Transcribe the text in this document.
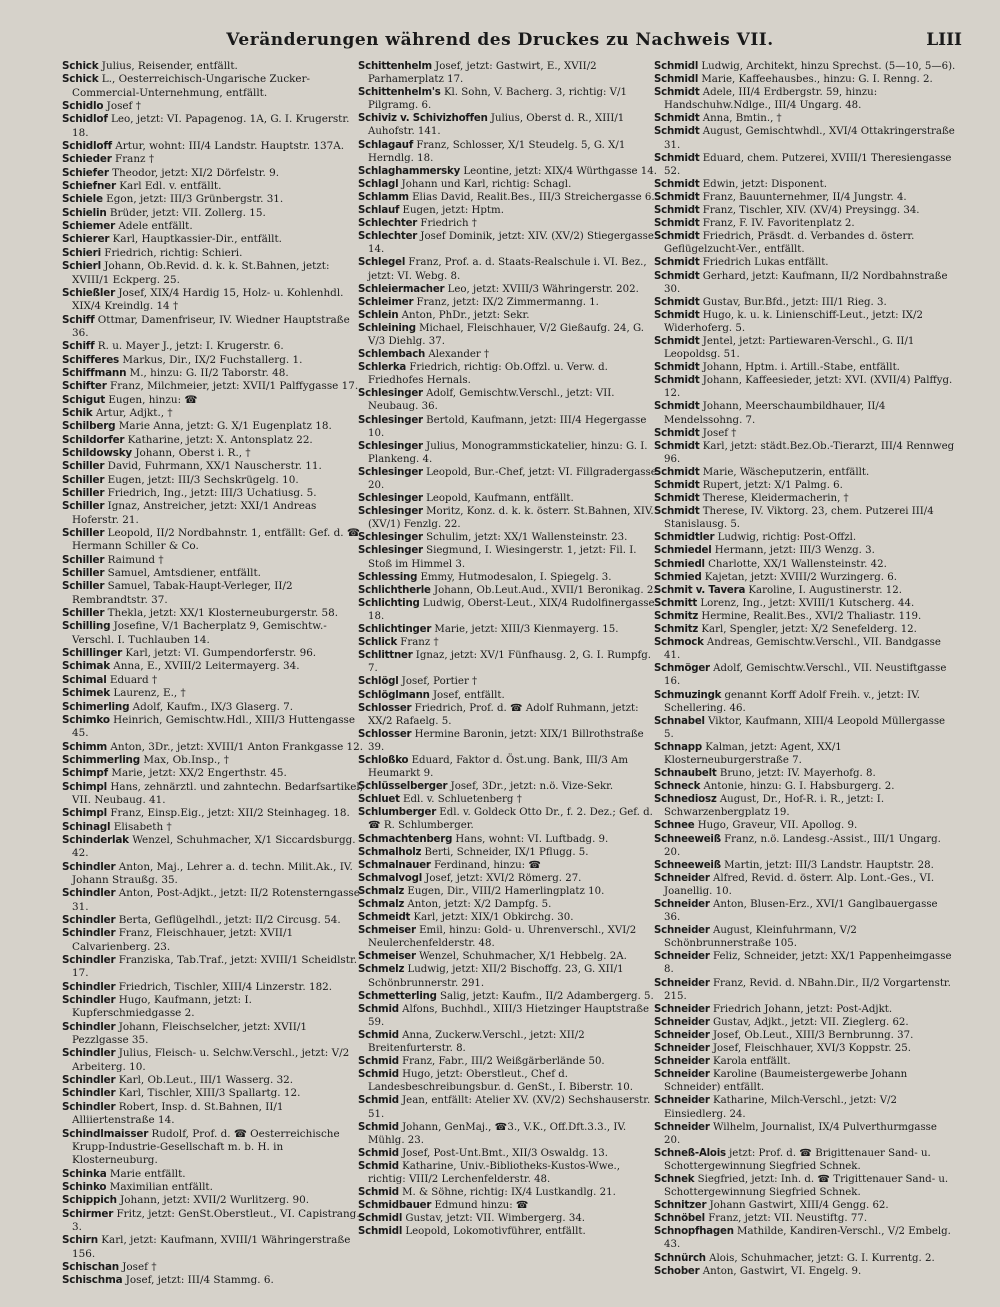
Veränderungen während des Druckes zu Nachweis VII.	LIII

Schick Julius, Reisender, entfällt.

Schick L., Oesterreichisch-Ungarische Zucker-Commercial-Unternehmung, entfällt.

Schidlo Josef †

Schidlof Leo, jetzt: VI. Papagenog. 1A, G. I. Krugerstr. 18.

Schidloff Artur, wohnt: III/4 Landstr. Hauptstr. 137A.

Schieder Franz †

Schiefer Theodor, jetzt: XI/2 Dörfelstr. 9.

Schiefner Karl Edl. v. entfällt.

Schiele Egon, jetzt: III/3 Grünbergstr. 31.

Schielin Brüder, jetzt: VII. Zollerg. 15.

Schiemer Adele entfällt.

Schierer Karl, Hauptkassier-Dir., entfällt.

Schieri Friedrich, richtig: Schieri.

Schierl Johann, Ob.Revid. d. k. k. St.Bahnen, jetzt: XVIII/1 Eckperg. 25.

Schießler Josef, XIX/4 Hardig 15, Holz- u. Kohlenhdl. XIX/4 Kreindlg. 14 †

Schiff Ottmar, Damenfriseur, IV. Wiedner Hauptstraße 36.

Schiff R. u. Mayer J., jetzt: I. Krugerstr. 6.

Schifferes Markus, Dir., IX/2 Fuchstallerg. 1.

Schiffmann M., hinzu: G. II/2 Taborstr. 48.

Schifter Franz, Milchmeier, jetzt: XVII/1 Palffygasse 17.

Schigut Eugen, hinzu: ☎

Schik Artur, Adjkt., †

Schilberg Marie Anna, jetzt: G. X/1 Eugenplatz 18.

Schildorfer Katharine, jetzt: X. Antonsplatz 22.

Schildowsky Johann, Oberst i. R., †

Schiller David, Fuhrmann, XX/1 Nauscherstr. 11.

Schiller Eugen, jetzt: III/3 Sechskrügelg. 10.

Schiller Friedrich, Ing., jetzt: III/3 Uchatiusg. 5.

Schiller Ignaz, Anstreicher, jetzt: XXI/1 Andreas Hoferstr. 21.

Schiller Leopold, II/2 Nordbahnstr. 1, entfällt: Gef. d. ☎ Hermann Schiller & Co.

Schiller Raimund †

Schiller Samuel, Amtsdiener, entfällt.

Schiller Samuel, Tabak-Haupt-Verleger, II/2 Rembrandtstr. 37.

Schiller Thekla, jetzt: XX/1 Klosterneuburgerstr. 58.

Schilling Josefine, V/1 Bacherplatz 9, Gemischtw.-Verschl. I. Tuchlauben 14.

Schillinger Karl, jetzt: VI. Gumpendorferstr. 96.

Schimak Anna, E., XVIII/2 Leitermayerg. 34.

Schimal Eduard †

Schimek Laurenz, E., †

Schimerling Adolf, Kaufm., IX/3 Glaserg. 7.

Schimko Heinrich, Gemischtw.Hdl., XIII/3 Huttengasse 45.

Schimm Anton, 3Dr., jetzt: XVIII/1 Anton Frankgasse 12.

Schimmerling Max, Ob.Insp., †

Schimpf Marie, jetzt: XX/2 Engerthstr. 45.

Schimpl Hans, zehnärztl. und zahntechn. Bedarfsartikel, VII. Neubaug. 41.

Schimpl Franz, Einsp.Eig., jetzt: XII/2 Steinhageg. 18.

Schinagl Elisabeth †

Schinderlak Wenzel, Schuhmacher, X/1 Siccardsburgg. 42.

Schindler Anton, Maj., Lehrer a. d. techn. Milit.Ak., IV. Johann Straußg. 35.

Schindler Anton, Post-Adjkt., jetzt: II/2 Rotensterngasse 31.

Schindler Berta, Geflügelhdl., jetzt: II/2 Circusg. 54.

Schindler Franz, Fleischhauer, jetzt: XVII/1 Calvarienberg. 23.

Schindler Franziska, Tab.Traf., jetzt: XVIII/1 Scheidlstr. 17.

Schindler Friedrich, Tischler, XIII/4 Linzerstr. 182.

Schindler Hugo, Kaufmann, jetzt: I. Kupferschmiedgasse 2.

Schindler Johann, Fleischselcher, jetzt: XVII/1 Pezzlgasse 35.

Schindler Julius, Fleisch- u. Selchw.Verschl., jetzt: V/2 Arbeiterg. 10.

Schindler Karl, Ob.Leut., III/1 Wasserg. 32.

Schindler Karl, Tischler, XIII/3 Spallartg. 12.

Schindler Robert, Insp. d. St.Bahnen, II/1 Alliiertenstraße 14.

Schindlmaisser Rudolf, Prof. d. ☎ Oesterreichische Krupp-Industrie-Gesellschaft m. b. H. in Klosterneuburg.

Schinka Marie entfällt.

Schinko Maximilian entfällt.

Schippich Johann, jetzt: XVII/2 Wurlitzerg. 90.

Schirmer Fritz, jetzt: GenSt.Oberstleut., VI. Capistrang. 3.

Schirn Karl, jetzt: Kaufmann, XVIII/1 Währingerstraße 156.

Schischan Josef †

Schischma Josef, jetzt: III/4 Stammg. 6.

Schittenhelm Josef, jetzt: Gastwirt, E., XVII/2 Parhamerplatz 17.

Schittenhelm's Kl. Sohn, V. Bacherg. 3, richtig: V/1 Pilgramg. 6.

Schiviz v. Schivizhoffen Julius, Oberst d. R., XIII/1 Auhofstr. 141.

Schlagauf Franz, Schlosser, X/1 Steudelg. 5, G. X/1 Herndlg. 18.

Schlaghammersky Leontine, jetzt: XIX/4 Würthgasse 14.

Schlagl Johann und Karl, richtig: Schagl.

Schlamm Elias David, Realit.Bes., III/3 Streichergasse 6.

Schlauf Eugen, jetzt: Hptm.

Schlechter Friedrich †

Schlechter Josef Dominik, jetzt: XIV. (XV/2) Stiegergasse 14.

Schlegel Franz, Prof. a. d. Staats-Realschule i. VI. Bez., jetzt: VI. Webg. 8.

Schleiermacher Leo, jetzt: XVIII/3 Währingerstr. 202.

Schleimer Franz, jetzt: IX/2 Zimmermanng. 1.

Schlein Anton, PhDr., jetzt: Sekr.

Schleining Michael, Fleischhauer, V/2 Gießaufg. 24, G. V/3 Diehlg. 37.

Schlembach Alexander †

Schlerka Friedrich, richtig: Ob.Offzl. u. Verw. d. Friedhofes Hernals.

Schlesinger Adolf, Gemischtw.Verschl., jetzt: VII. Neubaug. 36.

Schlesinger Bertold, Kaufmann, jetzt: III/4 Hegergasse 10.

Schlesinger Julius, Monogrammstickatelier, hinzu: G. I. Plankeng. 4.

Schlesinger Leopold, Bur.-Chef, jetzt: VI. Fillgradergasse 20.

Schlesinger Leopold, Kaufmann, entfällt.

Schlesinger Moritz, Konz. d. k. k. österr. St.Bahnen, XIV. (XV/1) Fenzlg. 22.

Schlesinger Schulim, jetzt: XX/1 Wallensteinstr. 23.

Schlesinger Siegmund, I. Wiesingerstr. 1, jetzt: Fil. I. Stoß im Himmel 3.

Schlessing Emmy, Hutmodesalon, I. Spiegelg. 3.

Schlichtherle Johann, Ob.Leut.Aud., XVII/1 Beronikag. 2.

Schlichting Ludwig, Oberst-Leut., XIX/4 Rudolfinergasse 18.

Schlichtinger Marie, jetzt: XIII/3 Kienmayerg. 15.

Schlick Franz †

Schlittner Ignaz, jetzt: XV/1 Fünfhausg. 2, G. I. Rumpfg. 7.

Schlögl Josef, Portier †

Schlöglmann Josef, entfällt.

Schlosser Friedrich, Prof. d. ☎ Adolf Ruhmann, jetzt: XX/2 Rafaelg. 5.

Schlosser Hermine Baronin, jetzt: XIX/1 Billrothstraße 39.

Schloßko Eduard, Faktor d. Öst.ung. Bank, III/3 Am Heumarkt 9.

Schlüsselberger Josef, 3Dr., jetzt: n.ö. Vize-Sekr.

Schluet Edl. v. Schluetenberg †

Schlumberger Edl. v. Goldeck Otto Dr., f. 2. Dez.; Gef. d. ☎ R. Schlumberger.

Schmachtenberg Hans, wohnt: VI. Luftbadg. 9.

Schmalholz Berti, Schneider, IX/1 Pflugg. 5.

Schmalnauer Ferdinand, hinzu: ☎

Schmalvogl Josef, jetzt: XVI/2 Römerg. 27.

Schmalz Eugen, Dir., VIII/2 Hamerlingplatz 10.

Schmalz Anton, jetzt: X/2 Dampfg. 5.

Schmeidt Karl, jetzt: XIX/1 Obkirchg. 30.

Schmeiser Emil, hinzu: Gold- u. Uhrenverschl., XVI/2 Neulerchenfelderstr. 48.

Schmeiser Wenzel, Schuhmacher, X/1 Hebbelg. 2A.

Schmelz Ludwig, jetzt: XII/2 Bischoffg. 23, G. XII/1 Schönbrunnerstr. 291.

Schmetterling Salig, jetzt: Kaufm., II/2 Adambergerg. 5.

Schmid Alfons, Buchhdl., XIII/3 Hietzinger Hauptstraße 59.

Schmid Anna, Zuckerw.Verschl., jetzt: XII/2 Breitenfurterstr. 8.

Schmid Franz, Fabr., III/2 Weißgärberlände 50.

Schmid Hugo, jetzt: Oberstleut., Chef d. Landesbeschreibungsbur. d. GenSt., I. Biberstr. 10.

Schmid Jean, entfällt: Atelier XV. (XV/2) Sechshauserstr. 51.

Schmid Johann, GenMaj., ☎3., V.K., Off.Dft.3.3., IV. Mühlg. 23.

Schmid Josef, Post-Unt.Bmt., XII/3 Oswaldg. 13.

Schmid Katharine, Univ.-Bibliotheks-Kustos-Wwe., richtig: VIII/2 Lerchenfelderstr. 48.

Schmid M. & Söhne, richtig: IX/4 Lustkandlg. 21.

Schmidbauer Edmund hinzu: ☎

Schmidl Gustav, jetzt: VII. Wimbergerg. 34.

Schmidl Leopold, Lokomotivführer, entfällt.

Schmidl Ludwig, Architekt, hinzu Sprechst. (5—10, 5—6).

Schmidl Marie, Kaffeehausbes., hinzu: G. I. Renng. 2.

Schmidt Adele, III/4 Erdbergstr. 59, hinzu: Handschuhw.Ndlge., III/4 Ungarg. 48.

Schmidt Anna, Bmtin., †

Schmidt August, Gemischtwhdl., XVI/4 Ottakringerstraße 31.

Schmidt Eduard, chem. Putzerei, XVIII/1 Theresiengasse 52.

Schmidt Edwin, jetzt: Disponent.

Schmidt Franz, Bauunternehmer, II/4 Jungstr. 4.

Schmidt Franz, Tischler, XIV. (XV/4) Preysingg. 34.

Schmidt Franz, F. IV. Favoritenplatz 2.

Schmidt Friedrich, Präsdt. d. Verbandes d. österr. Geflügelzucht-Ver., entfällt.

Schmidt Friedrich Lukas entfällt.

Schmidt Gerhard, jetzt: Kaufmann, II/2 Nordbahnstraße 30.

Schmidt Gustav, Bur.Bfd., jetzt: III/1 Rieg. 3.

Schmidt Hugo, k. u. k. Linienschiff-Leut., jetzt: IX/2 Widerhoferg. 5.

Schmidt Jentel, jetzt: Partiewaren-Verschl., G. II/1 Leopoldsg. 51.

Schmidt Johann, Hptm. i. Artill.-Stabe, entfällt.

Schmidt Johann, Kaffeesieder, jetzt: XVI. (XVII/4) Palffyg. 12.

Schmidt Johann, Meerschaumbildhauer, II/4 Mendelssohng. 7.

Schmidt Josef †

Schmidt Karl, jetzt: städt.Bez.Ob.-Tierarzt, III/4 Rennweg 96.

Schmidt Marie, Wäscheputzerin, entfällt.

Schmidt Rupert, jetzt: X/1 Palmg. 6.

Schmidt Therese, Kleidermacherin, †

Schmidt Therese, IV. Viktorg. 23, chem. Putzerei III/4 Stanislausg. 5.

Schmidtler Ludwig, richtig: Post-Offzl.

Schmiedel Hermann, jetzt: III/3 Wenzg. 3.

Schmiedl Charlotte, XX/1 Wallensteinstr. 42.

Schmied Kajetan, jetzt: XVIII/2 Wurzingerg. 6.

Schmit v. Tavera Karoline, I. Augustinerstr. 12.

Schmitt Lorenz, Ing., jetzt: XVIII/1 Kutscherg. 44.

Schmitz Hermine, Realit.Bes., XVI/2 Thaliastr. 119.

Schmitz Karl, Spengler, jetzt: X/2 Senefelderg. 12.

Schmock Andreas, Gemischtw.Verschl., VII. Bandgasse 41.

Schmöger Adolf, Gemischtw.Verschl., VII. Neustiftgasse 16.

Schmuzingk genannt Korff Adolf Freih. v., jetzt: IV. Schellering. 46.

Schnabel Viktor, Kaufmann, XIII/4 Leopold Müllergasse 5.

Schnapp Kalman, jetzt: Agent, XX/1 Klosterneuburgerstraße 7.

Schnaubelt Bruno, jetzt: IV. Mayerhofg. 8.

Schneck Antonie, hinzu: G. I. Habsburgerg. 2.

Schnediosz August, Dr., Hof-R. i. R., jetzt: I. Schwarzenbergplatz 19.

Schnee Hugo, Graveur, VII. Apollog. 9.

Schneeweiß Franz, n.ö. Landesg.-Assist., III/1 Ungarg. 20.

Schneeweiß Martin, jetzt: III/3 Landstr. Hauptstr. 28.

Schneider Alfred, Revid. d. österr. Alp. Lont.-Ges., VI. Joanellig. 10.

Schneider Anton, Blusen-Erz., XVI/1 Ganglbauergasse 36.

Schneider August, Kleinfuhrmann, V/2 Schönbrunnerstraße 105.

Schneider Feliz, Schneider, jetzt: XX/1 Pappenheimgasse 8.

Schneider Franz, Revid. d. NBahn.Dir., II/2 Vorgartenstr. 215.

Schneider Friedrich Johann, jetzt: Post-Adjkt.

Schneider Gustav, Adjkt., jetzt: VII. Zieglerg. 62.

Schneider Josef, Ob.Leut., XIII/3 Bernbrunng. 37.

Schneider Josef, Fleischhauer, XVI/3 Koppstr. 25.

Schneider Karola entfällt.

Schneider Karoline (Baumeistergewerbe Johann Schneider) entfällt.

Schneider Katharine, Milch-Verschl., jetzt: V/2 Einsiedlerg. 24.

Schneider Wilhelm, Journalist, IX/4 Pulverthurmgasse 20.

Schneß-Alois jetzt: Prof. d. ☎ Brigittenauer Sand- u. Schottergewinnung Siegfried Schnek.

Schnek Siegfried, jetzt: Inh. d. ☎ Trigittenauer Sand- u. Schottergewinnung Siegfried Schnek.

Schnitzer Johann Gastwirt, XIII/4 Gengg. 62.

Schnöbel Franz, jetzt: VII. Neustiftg. 77.

Schnopfhagen Mathilde, Kandiren-Verschl., V/2 Embelg. 43.

Schnürch Alois, Schuhmacher, jetzt: G. I. Kurrentg. 2.

Schober Anton, Gastwirt, VI. Engelg. 9.
